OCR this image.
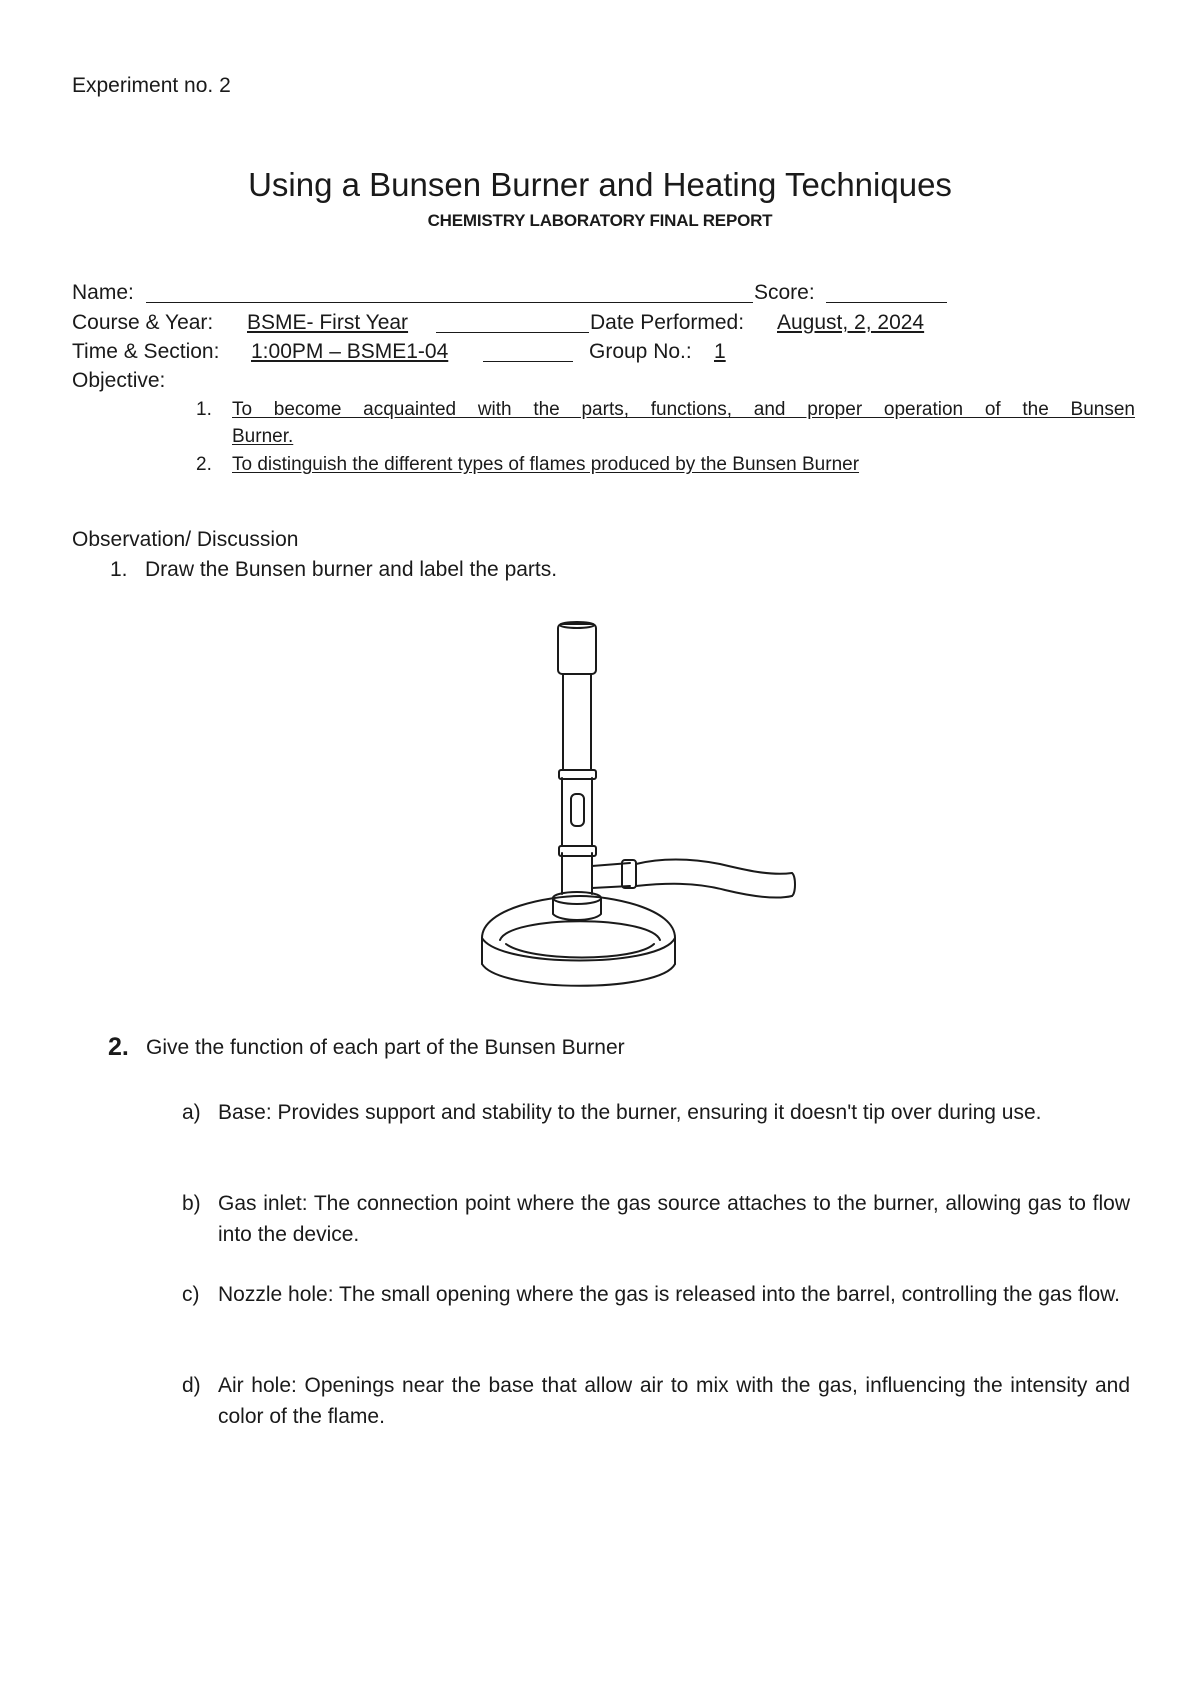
Experiment no. 2
Using a Bunsen Burner and Heating Techniques
CHEMISTRY LABORATORY FINAL REPORT
Name:	Score:
Course & Year: BSME- First Year	Date Performed: August, 2, 2024
Time & Section: 1:00PM – BSME1-04	Group No.: 1
Objective:
1. To become acquainted with the parts, functions, and proper operation of the Bunsen
Burner.
2. To distinguish the different types of flames produced by the Bunsen Burner
Observation/ Discussion
1. Draw the Bunsen burner and label the parts.
2. Give the function of each part of the Bunsen Burner
a) Base: Provides support and stability to the burner, ensuring it doesn't tip over during use.
b) Gas inlet: The connection point where the gas source attaches to the burner, allowing gas to flow into the device.
c) Nozzle hole: The small opening where the gas is released into the barrel, controlling the gas flow.
d) Air hole: Openings near the base that allow air to mix with the gas, influencing the intensity and color of the flame.
